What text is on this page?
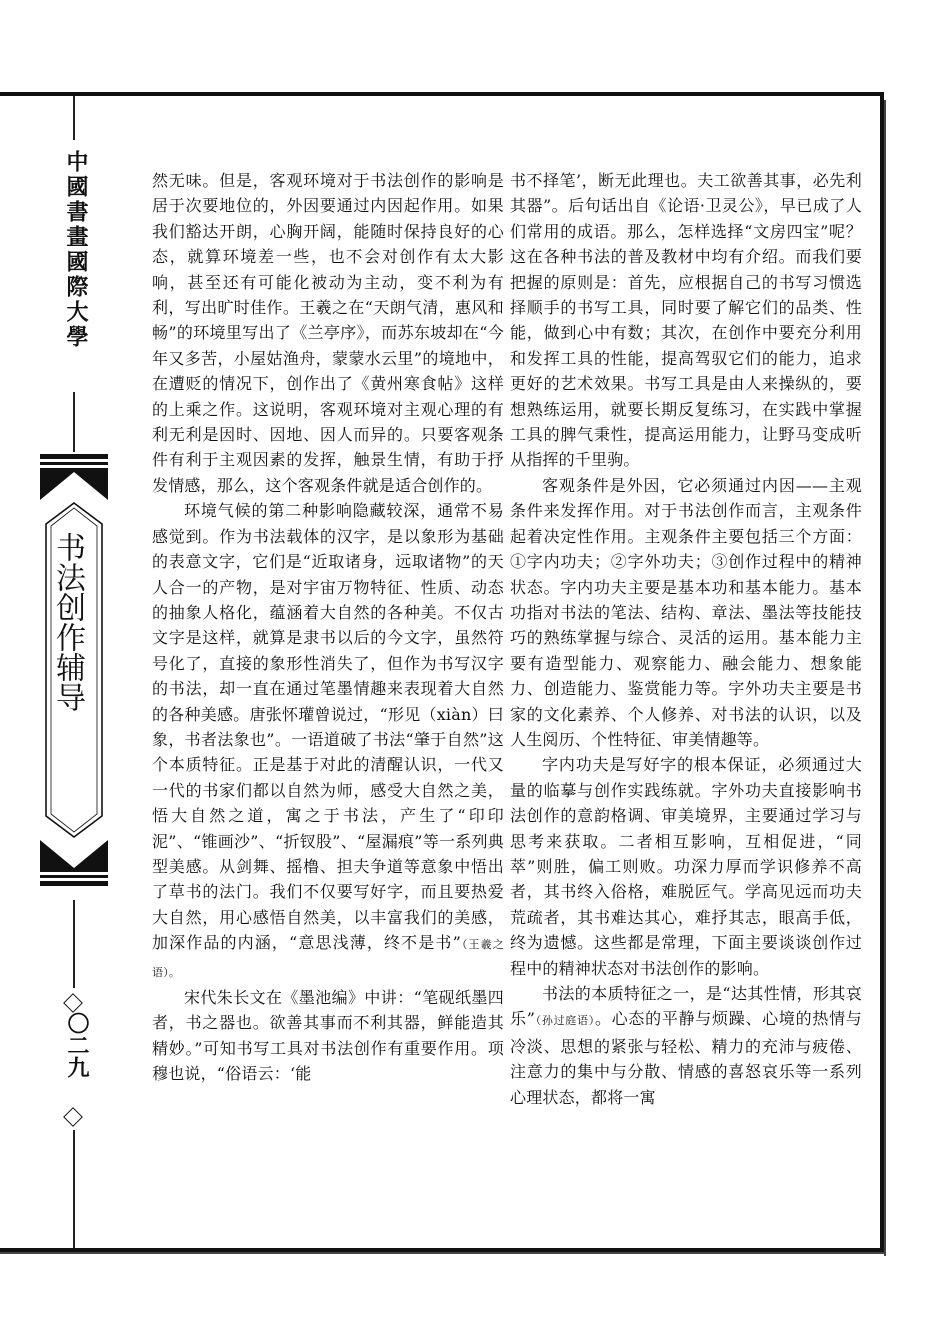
中國書畫國際大學
书法创作辅导
〇二九

然无味。但是，客观环境对于书法创作的影响是居于次要地位的，外因要通过内因起作用。如果我们豁达开朗，心胸开阔，能随时保持良好的心态，就算环境差一些，也不会对创作有太大影响，甚至还有可能化被动为主动，变不利为有利，写出旷时佳作。王羲之在“天朗气清，惠风和畅”的环境里写出了《兰亭序》，而苏东坡却在“今年又多苦，小屋姑渔舟，蒙蒙水云里”的境地中，在遭贬的情况下，创作出了《黄州寒食帖》这样的上乘之作。这说明，客观环境对主观心理的有利无利是因时、因地、因人而异的。只要客观条件有利于主观因素的发挥，触景生情，有助于抒发情感，那么，这个客观条件就是适合创作的。

环境气候的第二种影响隐藏较深，通常不易感觉到。作为书法载体的汉字，是以象形为基础的表意文字，它们是“近取诸身，远取诸物”的天人合一的产物，是对宇宙万物特征、性质、动态的抽象人格化，蕴涵着大自然的各种美。不仅古文字是这样，就算是隶书以后的今文字，虽然符号化了，直接的象形性消失了，但作为书写汉字的书法，却一直在通过笔墨情趣来表现着大自然的各种美感。唐张怀瓘曾说过，“形见（xiàn）曰象，书者法象也”。一语道破了书法“肇于自然”这个本质特征。正是基于对此的清醒认识，一代又一代的书家们都以自然为师，感受大自然之美，悟大自然之道，寓之于书法，产生了“印印泥”、“锥画沙”、“折钗股”、“屋漏痕”等一系列典型美感。从剑舞、摇橹、担夫争道等意象中悟出了草书的法门。我们不仅要写好字，而且要热爱大自然，用心感悟自然美，以丰富我们的美感，加深作品的内涵，“意思浅薄，终不是书”（王羲之语）。

宋代朱长文在《墨池编》中讲：“笔砚纸墨四者，书之器也。欲善其事而不利其器，鲜能造其精妙。”可知书写工具对书法创作有重要作用。项穆也说，“俗语云：‘能

书不择笔’，断无此理也。夫工欲善其事，必先利其器”。后句话出自《论语·卫灵公》，早已成了人们常用的成语。那么，怎样选择“文房四宝”呢？这在各种书法的普及教材中均有介绍。而我们要把握的原则是：首先，应根据自己的书写习惯选择顺手的书写工具，同时要了解它们的品类、性能，做到心中有数；其次，在创作中要充分利用和发挥工具的性能，提高驾驭它们的能力，追求更好的艺术效果。书写工具是由人来操纵的，要想熟练运用，就要长期反复练习，在实践中掌握工具的脾气秉性，提高运用能力，让野马变成听从指挥的千里驹。

客观条件是外因，它必须通过内因——主观条件来发挥作用。对于书法创作而言，主观条件起着决定性作用。主观条件主要包括三个方面：①字内功夫；②字外功夫；③创作过程中的精神状态。字内功夫主要是基本功和基本能力。基本功指对书法的笔法、结构、章法、墨法等技能技巧的熟练掌握与综合、灵活的运用。基本能力主要有造型能力、观察能力、融会能力、想象能力、创造能力、鉴赏能力等。字外功夫主要是书家的文化素养、个人修养、对书法的认识，以及人生阅历、个性特征、审美情趣等。

字内功夫是写好字的根本保证，必须通过大量的临摹与创作实践练就。字外功夫直接影响书法创作的意韵格调、审美境界，主要通过学习与思考来获取。二者相互影响，互相促进，“同萃”则胜，偏工则败。功深力厚而学识修养不高者，其书终入俗格，难脱匠气。学高见远而功夫荒疏者，其书难达其心，难抒其志，眼高手低，终为遗憾。这些都是常理，下面主要谈谈创作过程中的精神状态对书法创作的影响。

书法的本质特征之一，是“达其性情，形其哀乐”（孙过庭语）。心态的平静与烦躁、心境的热情与冷淡、思想的紧张与轻松、精力的充沛与疲倦、注意力的集中与分散、情感的喜怒哀乐等一系列心理状态，都将一寓
